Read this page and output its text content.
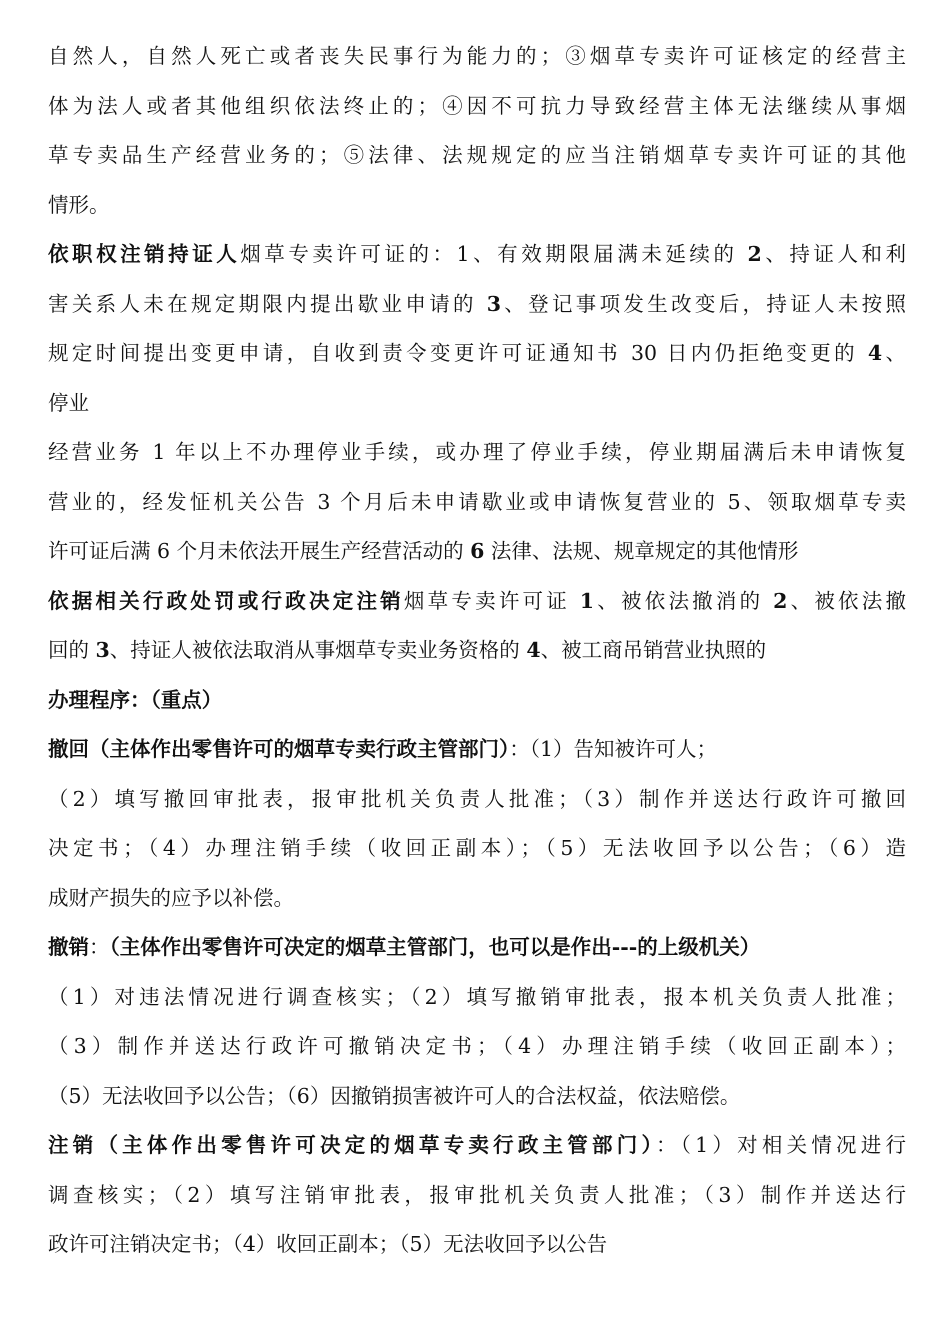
自然人，自然人死亡或者丧失民事行为能力的；③烟草专卖许可证核定的经营主
体为法人或者其他组织依法终止的；④因不可抗力导致经营主体无法继续从事烟
草专卖品生产经营业务的；⑤法律、法规规定的应当注销烟草专卖许可证的其他
情形。
依职权注销持证人烟草专卖许可证的：1、有效期限届满未延续的 2、持证人和利
害关系人未在规定期限内提出歇业申请的 3、登记事项发生改变后，持证人未按照
规定时间提出变更申请，自收到责令变更许可证通知书 30 日内仍拒绝变更的 4、
停业
经营业务 1 年以上不办理停业手续，或办理了停业手续，停业期届满后未申请恢复
营业的，经发怔机关公告 3 个月后未申请歇业或申请恢复营业的 5、领取烟草专卖
许可证后满 6 个月未依法开展生产经营活动的 6 法律、法规、规章规定的其他情形
依据相关行政处罚或行政决定注销烟草专卖许可证 1、被依法撤消的 2、被依法撤
回的 3、持证人被依法取消从事烟草专卖业务资格的 4、被工商吊销营业执照的
办理程序：（重点）
撤回（主体作出零售许可的烟草专卖行政主管部门）：（1）告知被许可人；
（2）填写撤回审批表，报审批机关负责人批准；（3）制作并送达行政许可撤回
决定书；（4）办理注销手续（收回正副本）；（5）无法收回予以公告；（6）造
成财产损失的应予以补偿。
撤销：（主体作出零售许可决定的烟草主管部门，也可以是作出---的上级机关）
（1）对违法情况进行调查核实；（2）填写撤销审批表，报本机关负责人批准；
（3）制作并送达行政许可撤销决定书；（4）办理注销手续（收回正副本）；
（5）无法收回予以公告；（6）因撤销损害被许可人的合法权益，依法赔偿。
注销（主体作出零售许可决定的烟草专卖行政主管部门）：（1）对相关情况进行
调查核实；（2）填写注销审批表，报审批机关负责人批准；（3）制作并送达行
政许可注销决定书；（4）收回正副本；（5）无法收回予以公告
